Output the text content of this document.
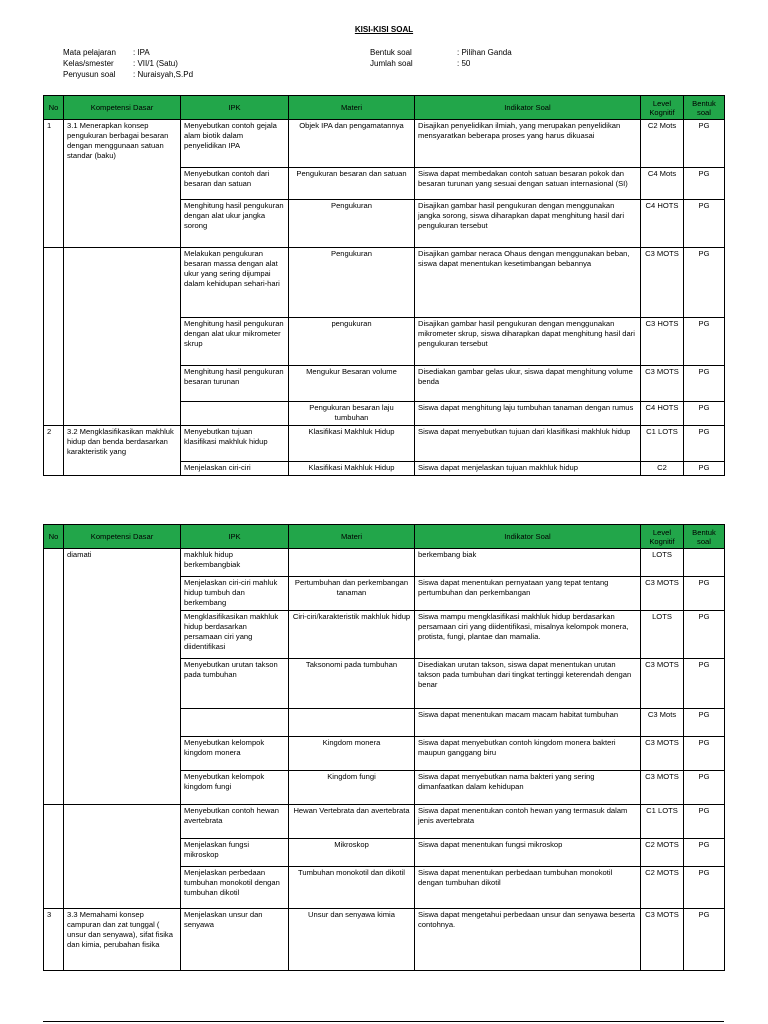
KISI-KISI SOAL
Mata pelajaran	: IPA
Kelas/smester	: VII/1 (Satu)
Penyusun soal	: Nuraisyah,S.Pd
Bentuk soal	: Pilihan Ganda
Jumlah soal	: 50
No	Kompetensi Dasar	IPK	Materi	Indikator Soal	Level Kognitif	Bentuk soal
1	3.1 Menerapkan konsep pengukuran berbagai besaran dengan menggunaan satuan standar (baku)	Menyebutkan contoh gejala alam biotik dalam penyelidikan IPA	Objek IPA dan pengamatannya	Disajikan penyelidikan ilmiah, yang merupakan penyelidikan mensyaratkan beberapa proses yang harus dikuasai	C2 Mots	PG
		Menyebutkan contoh dari besaran dan satuan	Pengukuran besaran dan satuan	Siswa dapat membedakan contoh satuan besaran pokok dan besaran turunan yang sesuai dengan satuan internasional (SI)	C4 Mots	PG
		Menghitung hasil pengukuran dengan alat ukur jangka sorong	Pengukuran	Disajikan gambar hasil pengukuran dengan menggunakan jangka sorong, siswa diharapkan dapat menghitung hasil dari pengukuran tersebut	C4 HOTS	PG
		Melakukan pengukuran besaran massa dengan alat ukur yang sering dijumpai dalam kehidupan sehari-hari	Pengukuran	Disajikan gambar neraca Ohaus dengan menggunakan beban, siswa dapat menentukan kesetimbangan bebannya	C3 MOTS	PG
		Menghitung hasil pengukuran dengan alat ukur mikrometer skrup	pengukuran	Disajikan gambar hasil pengukuran dengan menggunakan mikrometer skrup, siswa diharapkan dapat menghitung hasil dari pengukuran tersebut	C3 HOTS	PG
		Menghitung hasil pengukuran besaran turunan	Mengukur Besaran volume	Disediakan gambar gelas ukur, siswa dapat menghitung volume benda	C3 MOTS	PG
			Pengukuran besaran laju tumbuhan	Siswa dapat menghitung laju tumbuhan tanaman dengan rumus	C4 HOTS	PG
2	3.2 Mengklasifikasikan makhluk hidup dan benda berdasarkan karakteristik yang	Menyebutkan tujuan klasifikasi makhluk hidup	Klasifikasi Makhluk Hidup	Siswa dapat menyebutkan tujuan dari klasifikasi makhluk hidup	C1 LOTS	PG
		Menjelaskan ciri-ciri	Klasifikasi Makhluk Hidup	Siswa dapat menjelaskan tujuan makhluk hidup	C2	PG
No	Kompetensi Dasar	IPK	Materi	Indikator Soal	Level Kognitif	Bentuk soal
	diamati	makhluk hidup berkembangbiak		berkembang biak	LOTS	
		Menjelaskan ciri-ciri mahluk hidup tumbuh dan berkembang	Pertumbuhan dan perkembangan tanaman	Siswa dapat menentukan pernyataan yang tepat tentang pertumbuhan dan perkembangan	C3 MOTS	PG
		Mengklasifikasikan makhluk hidup berdasarkan persamaan ciri yang diidentifikasi	Ciri-ciri/karakteristik makhluk hidup	Siswa mampu mengklasifikasi makhluk hidup berdasarkan persamaan ciri yang diidentifikasi, misalnya kelompok monera, protista, fungi, plantae dan mamalia.	LOTS	PG
		Menyebutkan urutan takson pada tumbuhan	Taksonomi pada tumbuhan	Disediakan urutan takson, siswa dapat menentukan urutan takson pada tumbuhan dari tingkat tertinggi keterendah dengan benar	C3 MOTS	PG
				Siswa dapat menentukan macam macam habitat tumbuhan	C3 Mots	PG
		Menyebutkan kelompok kingdom monera	Kingdom monera	Siswa dapat menyebutkan contoh kingdom monera bakteri maupun ganggang biru	C3 MOTS	PG
		Menyebutkan kelompok kingdom fungi	Kingdom fungi	Siswa dapat menyebutkan nama bakteri yang sering dimanfaatkan dalam kehidupan	C3 MOTS	PG
		Menyebutkan contoh hewan avertebrata	Hewan Vertebrata dan avertebrata	Siswa dapat menentukan contoh hewan yang termasuk dalam jenis avertebrata	C1 LOTS	PG
		Menjelaskan fungsi mikroskop	Mikroskop	Siswa dapat menentukan fungsi mikroskop	C2 MOTS	PG
		Menjelaskan perbedaan tumbuhan monokotil dengan tumbuhan dikotil	Tumbuhan monokotil dan dikotil	Siswa dapat menentukan perbedaan tumbuhan monokotil dengan tumbuhan dikotil	C2 MOTS	PG
3	3.3 Memahami konsep campuran dan zat tunggal ( unsur dan senyawa), sifat fisika dan kimia, perubahan fisika	Menjelaskan unsur dan senyawa	Unsur dan senyawa kimia	Siswa dapat mengetahui perbedaan unsur dan senyawa beserta contohnya.	C3 MOTS	PG
